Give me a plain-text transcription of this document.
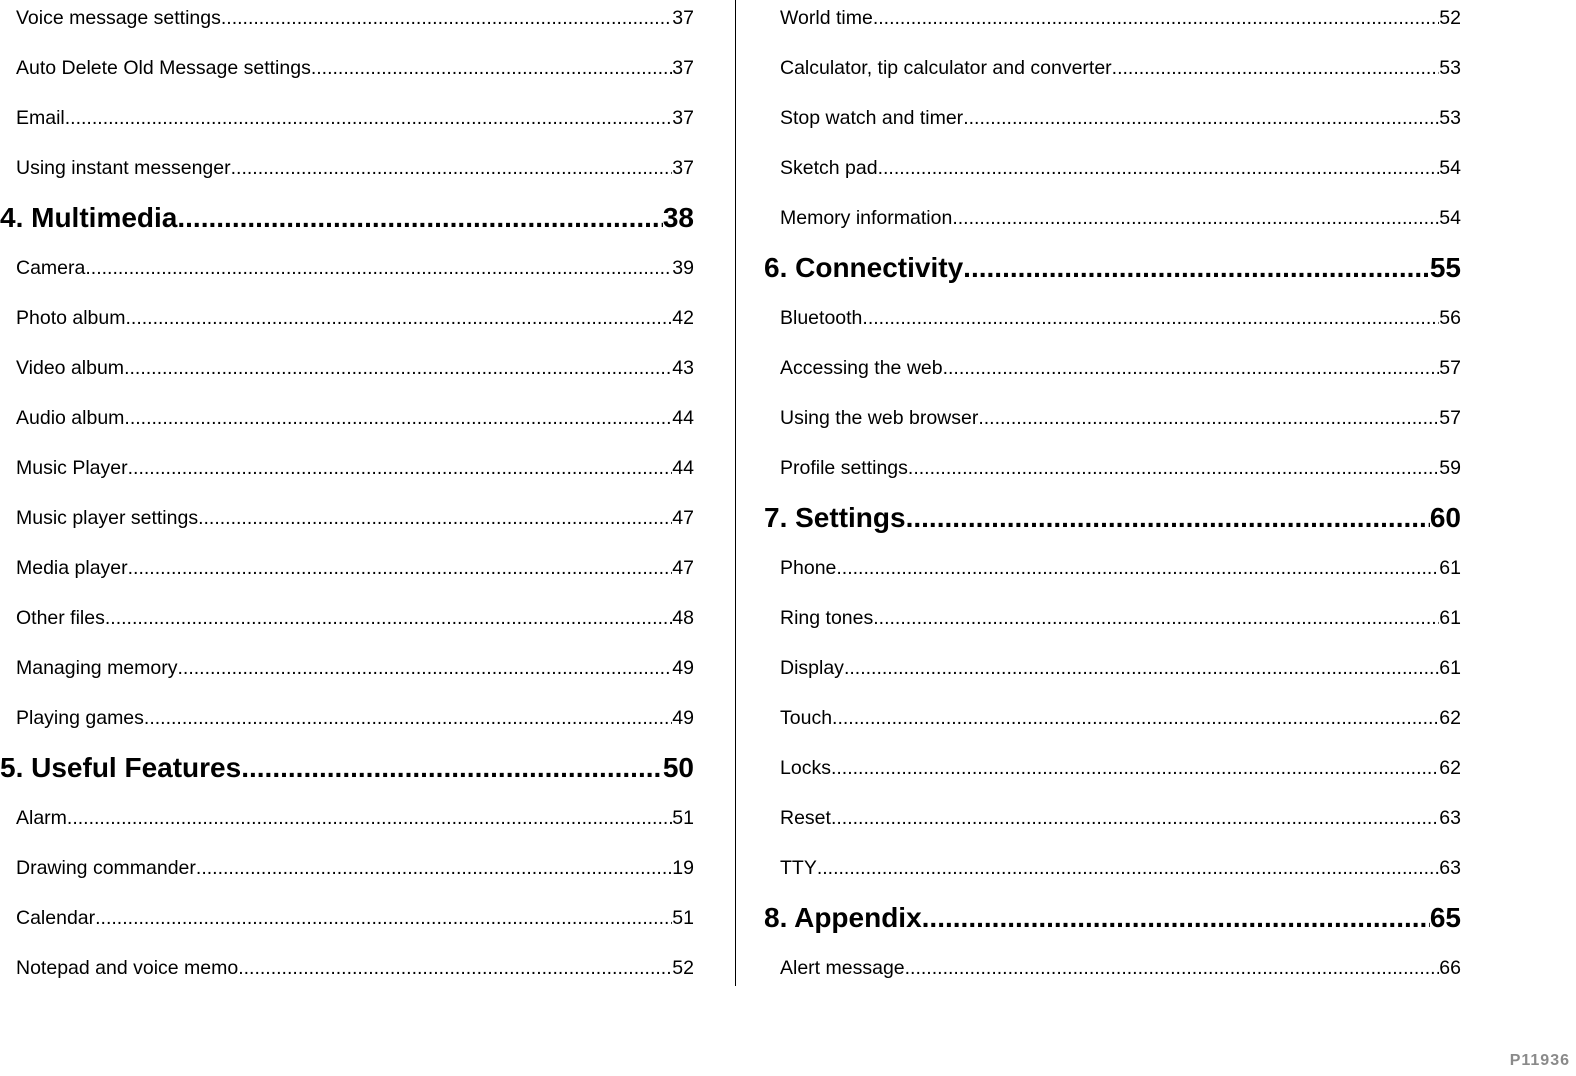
Voice message settings .....	37
Auto Delete Old Message settings .....	37
Email .....	37
Using instant messenger .....	37
4. Multimedia .....	38
Camera .....	39
Photo album .....	42
Video album .....	43
Audio album .....	44
Music Player .....	44
Music player settings .....	47
Media player .....	47
Other files .....	48
Managing memory .....	49
Playing games .....	49
5. Useful Features .....	50
Alarm .....	51
Drawing commander .....	19
Calendar .....	51
Notepad and voice memo .....	52
World time .....	52
Calculator, tip calculator and converter .....	53
Stop watch and timer .....	53
Sketch pad .....	54
Memory information .....	54
6. Connectivity .....	55
Bluetooth .....	56
Accessing the web .....	57
Using the web browser .....	57
Profile settings .....	59
7. Settings .....	60
Phone .....	61
Ring tones .....	61
Display .....	61
Touch .....	62
Locks .....	62
Reset .....	63
TTY .....	63
8. Appendix .....	65
Alert message .....	66
P11936
